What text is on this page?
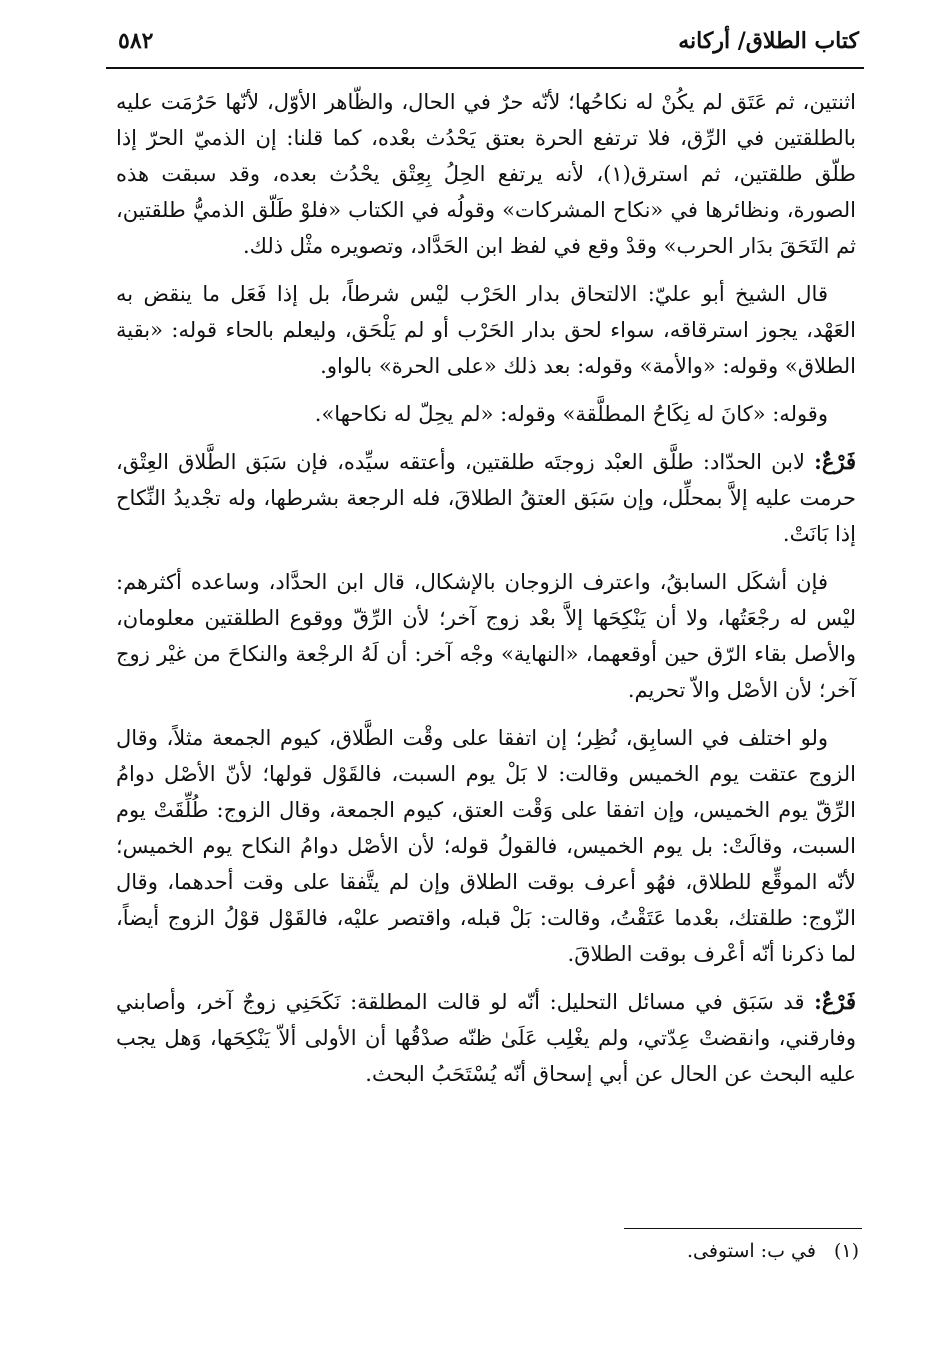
كتاب الطلاق/ أركانه
٥٨٢

اثنتين، ثم عَتَق لم يكُنْ له نكاحُها؛ لأنّه حرٌ في الحال، والظّاهر الأوّل، لأنّها حَرُمَت عليه بالطلقتين في الرِّق، فلا ترتفع الحرة بعتق يَحْدُث بعْده، كما قلنا: إن الذميّ الحرّ إذا طلّق طلقتين، ثم استرق(١)، لأنه يرتفع الحِلُ بِعِتْق يحْدُث بعده، وقد سبقت هذه الصورة، ونظائرها في «نكاح المشركات» وقولُه في الكتاب «فلوْ طَلّق الذميُّ طلقتين، ثم التَحَقَ بدَار الحرب» وقدْ وقع في لفظ ابن الحَدَّاد، وتصويره مثْل ذلك.

قال الشيخ أبو عليّ: الالتحاق بدار الحَرْب ليْس شرطاً، بل إذا فَعَل ما ينقض به العَهْد، يجوز استرقاقه، سواء لحق بدار الحَرْب أو لم يَلْحَق، وليعلم بالحاء قوله: «بقية الطلاق» وقوله: «والأمة» وقوله: بعد ذلك «على الحرة» بالواو.

وقوله: «كانَ له نِكَاحُ المطلَّقة» وقوله: «لم يحِلّ له نكاحها».

فَرْعٌ: لابن الحدّاد: طلَّق العبْد زوجتَه طلقتين، وأعتقه سيِّده، فإن سَبَق الطَّلاق العِتْق، حرمت عليه إلاَّ بمحلِّل، وإن سَبَق العتقُ الطلاقَ، فله الرجعة بشرطها، وله تجْديدُ النِّكاح إذا بَانَتْ.

فإن أشكَل السابقُ، واعترف الزوجان بالإشكال، قال ابن الحدَّاد، وساعده أكثرهم: ليْس له رجْعَتُها، ولا أن يَنْكِحَها إلاَّ بعْد زوج آخر؛ لأن الرِّقّ ووقوع الطلقتين معلومان، والأصل بقاء الرّق حين أوقعهما، «النهاية» وجْه آخر: أن لَهُ الرجْعة والنكاحَ من غيْر زوج آخر؛ لأن الأصْل والاّ تحريم.

ولو اختلف في السابِق، نُظِر؛ إن اتفقا على وقْت الطَّلاق، كيوم الجمعة مثلاً، وقال الزوج عتقت يوم الخميس وقالت: لا بَلْ يوم السبت، فالقَوْل قولها؛ لأنّ الأصْل دوامُ الرِّقّ يوم الخميس، وإن اتفقا على وَقْت العتق، كيوم الجمعة، وقال الزوج: طُلِّقَتْ يوم السبت، وقالَتْ: بل يوم الخميس، فالقولُ قوله؛ لأن الأصْل دوامُ النكاح يوم الخميس؛ لأنّه الموقِّع للطلاق، فهُو أعرف بوقت الطلاق وإن لم يتَّفقا على وقت أحدهما، وقال الزّوج: طلقتك، بعْدما عَتَقْتُ، وقالت: بَلْ قبله، واقتصر عليْه، فالقَوْل قوْلُ الزوج أيضاً، لما ذكرنا أنّه أعْرف بوقت الطلاقَ.

فَرْعٌ: قد سَبَق في مسائل التحليل: أنّه لو قالت المطلقة: نَكَحَنِي زوجٌ آخر، وأصابني وفارقني، وانقضتْ عِدّتي، ولم يغْلِب عَلَىٰ ظنّه صدْقُها أن الأولى ألاّ يَنْكِحَها، وَهل يجب عليه البحث عن الحال عن أبي إسحاق أنّه يُسْتَحَبُ البحث.

(١)في ب: استوفى.
